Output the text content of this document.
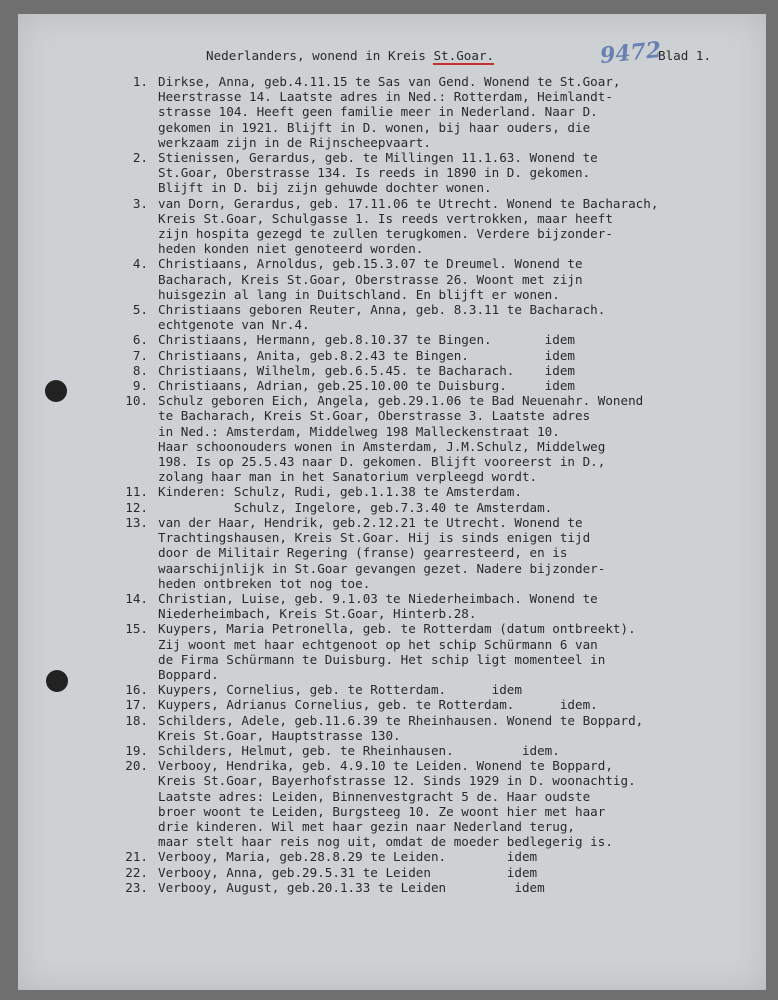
Nederlanders, wonend in Kreis St.Goar.	9472
Blad 1.
1. Dirkse, Anna, geb.4.11.15 te Sas van Gend. Wonend te St.Goar,
Heerstrasse 14. Laatste adres in Ned.: Rotterdam, Heimlandt-
strasse 104. Heeft geen familie meer in Nederland. Naar D.
gekomen in 1921. Blijft in D. wonen, bij haar ouders, die
werkzaam zijn in de Rijnscheepvaart.
2. Stienissen, Gerardus, geb. te Millingen 11.1.63. Wonend te
St.Goar, Oberstrasse 134. Is reeds in 1890 in D. gekomen.
Blijft in D. bij zijn gehuwde dochter wonen.
3. van Dorn, Gerardus, geb. 17.11.06 te Utrecht. Wonend te Bacharach,
Kreis St.Goar, Schulgasse 1. Is reeds vertrokken, maar heeft
zijn hospita gezegd te zullen terugkomen. Verdere bijzonder-
heden konden niet genoteerd worden.
4. Christiaans, Arnoldus, geb.15.3.07 te Dreumel. Wonend te
Bacharach, Kreis St.Goar, Oberstrasse 26. Woont met zijn
huisgezin al lang in Duitschland. En blijft er wonen.
5. Christiaans geboren Reuter, Anna, geb. 8.3.11 te Bacharach.
echtgenote van Nr.4.
6. Christiaans, Hermann, geb.8.10.37 te Bingen.       idem
7. Christiaans, Anita, geb.8.2.43 te Bingen.          idem
8. Christiaans, Wilhelm, geb.6.5.45. te Bacharach.    idem
9. Christiaans, Adrian, geb.25.10.00 te Duisburg.     idem
10. Schulz geboren Eich, Angela, geb.29.1.06 te Bad Neuenahr. Wonend
te Bacharach, Kreis St.Goar, Oberstrasse 3. Laatste adres
in Ned.: Amsterdam, Middelweg 198 Malleckenstraat 10.
Haar schoonouders wonen in Amsterdam, J.M.Schulz, Middelweg
198. Is op 25.5.43 naar D. gekomen. Blijft vooreerst in D.,
zolang haar man in het Sanatorium verpleegd wordt.
11. Kinderen: Schulz, Rudi, geb.1.1.38 te Amsterdam.
12. Schulz, Ingelore, geb.7.3.40 te Amsterdam.
13. van der Haar, Hendrik, geb.2.12.21 te Utrecht. Wonend te
Trachtingshausen, Kreis St.Goar. Hij is sinds enigen tijd
door de Militair Regering (franse) gearresteerd, en is
waarschijnlijk in St.Goar gevangen gezet. Nadere bijzonder-
heden ontbreken tot nog toe.
14. Christian, Luise, geb. 9.1.03 te Niederheimbach. Wonend te
Niederheimbach, Kreis St.Goar, Hinterb.28.
15. Kuypers, Maria Petronella, geb. te Rotterdam (datum ontbreekt).
Zij woont met haar echtgenoot op het schip Schürmann 6 van
de Firma Schürmann te Duisburg. Het schip ligt momenteel in
Boppard.
16. Kuypers, Cornelius, geb. te Rotterdam.      idem
17. Kuypers, Adrianus Cornelius, geb. te Rotterdam.      idem.
18. Schilders, Adele, geb.11.6.39 te Rheinhausen. Wonend te Boppard,
Kreis St.Goar, Hauptstrasse 130.
19. Schilders, Helmut, geb. te Rheinhausen.         idem.
20. Verbooy, Hendrika, geb. 4.9.10 te Leiden. Wonend te Boppard,
Kreis St.Goar, Bayerhofstrasse 12. Sinds 1929 in D. woonachtig.
Laatste adres: Leiden, Binnenvestgracht 5 de. Haar oudste
broer woont te Leiden, Burgsteeg 10. Ze woont hier met haar
drie kinderen. Wil met haar gezin naar Nederland terug,
maar stelt haar reis nog uit, omdat de moeder bedlegerig is.
21. Verbooy, Maria, geb.28.8.29 te Leiden.        idem
22. Verbooy, Anna, geb.29.5.31 te Leiden          idem
23. Verbooy, August, geb.20.1.33 te Leiden         idem
